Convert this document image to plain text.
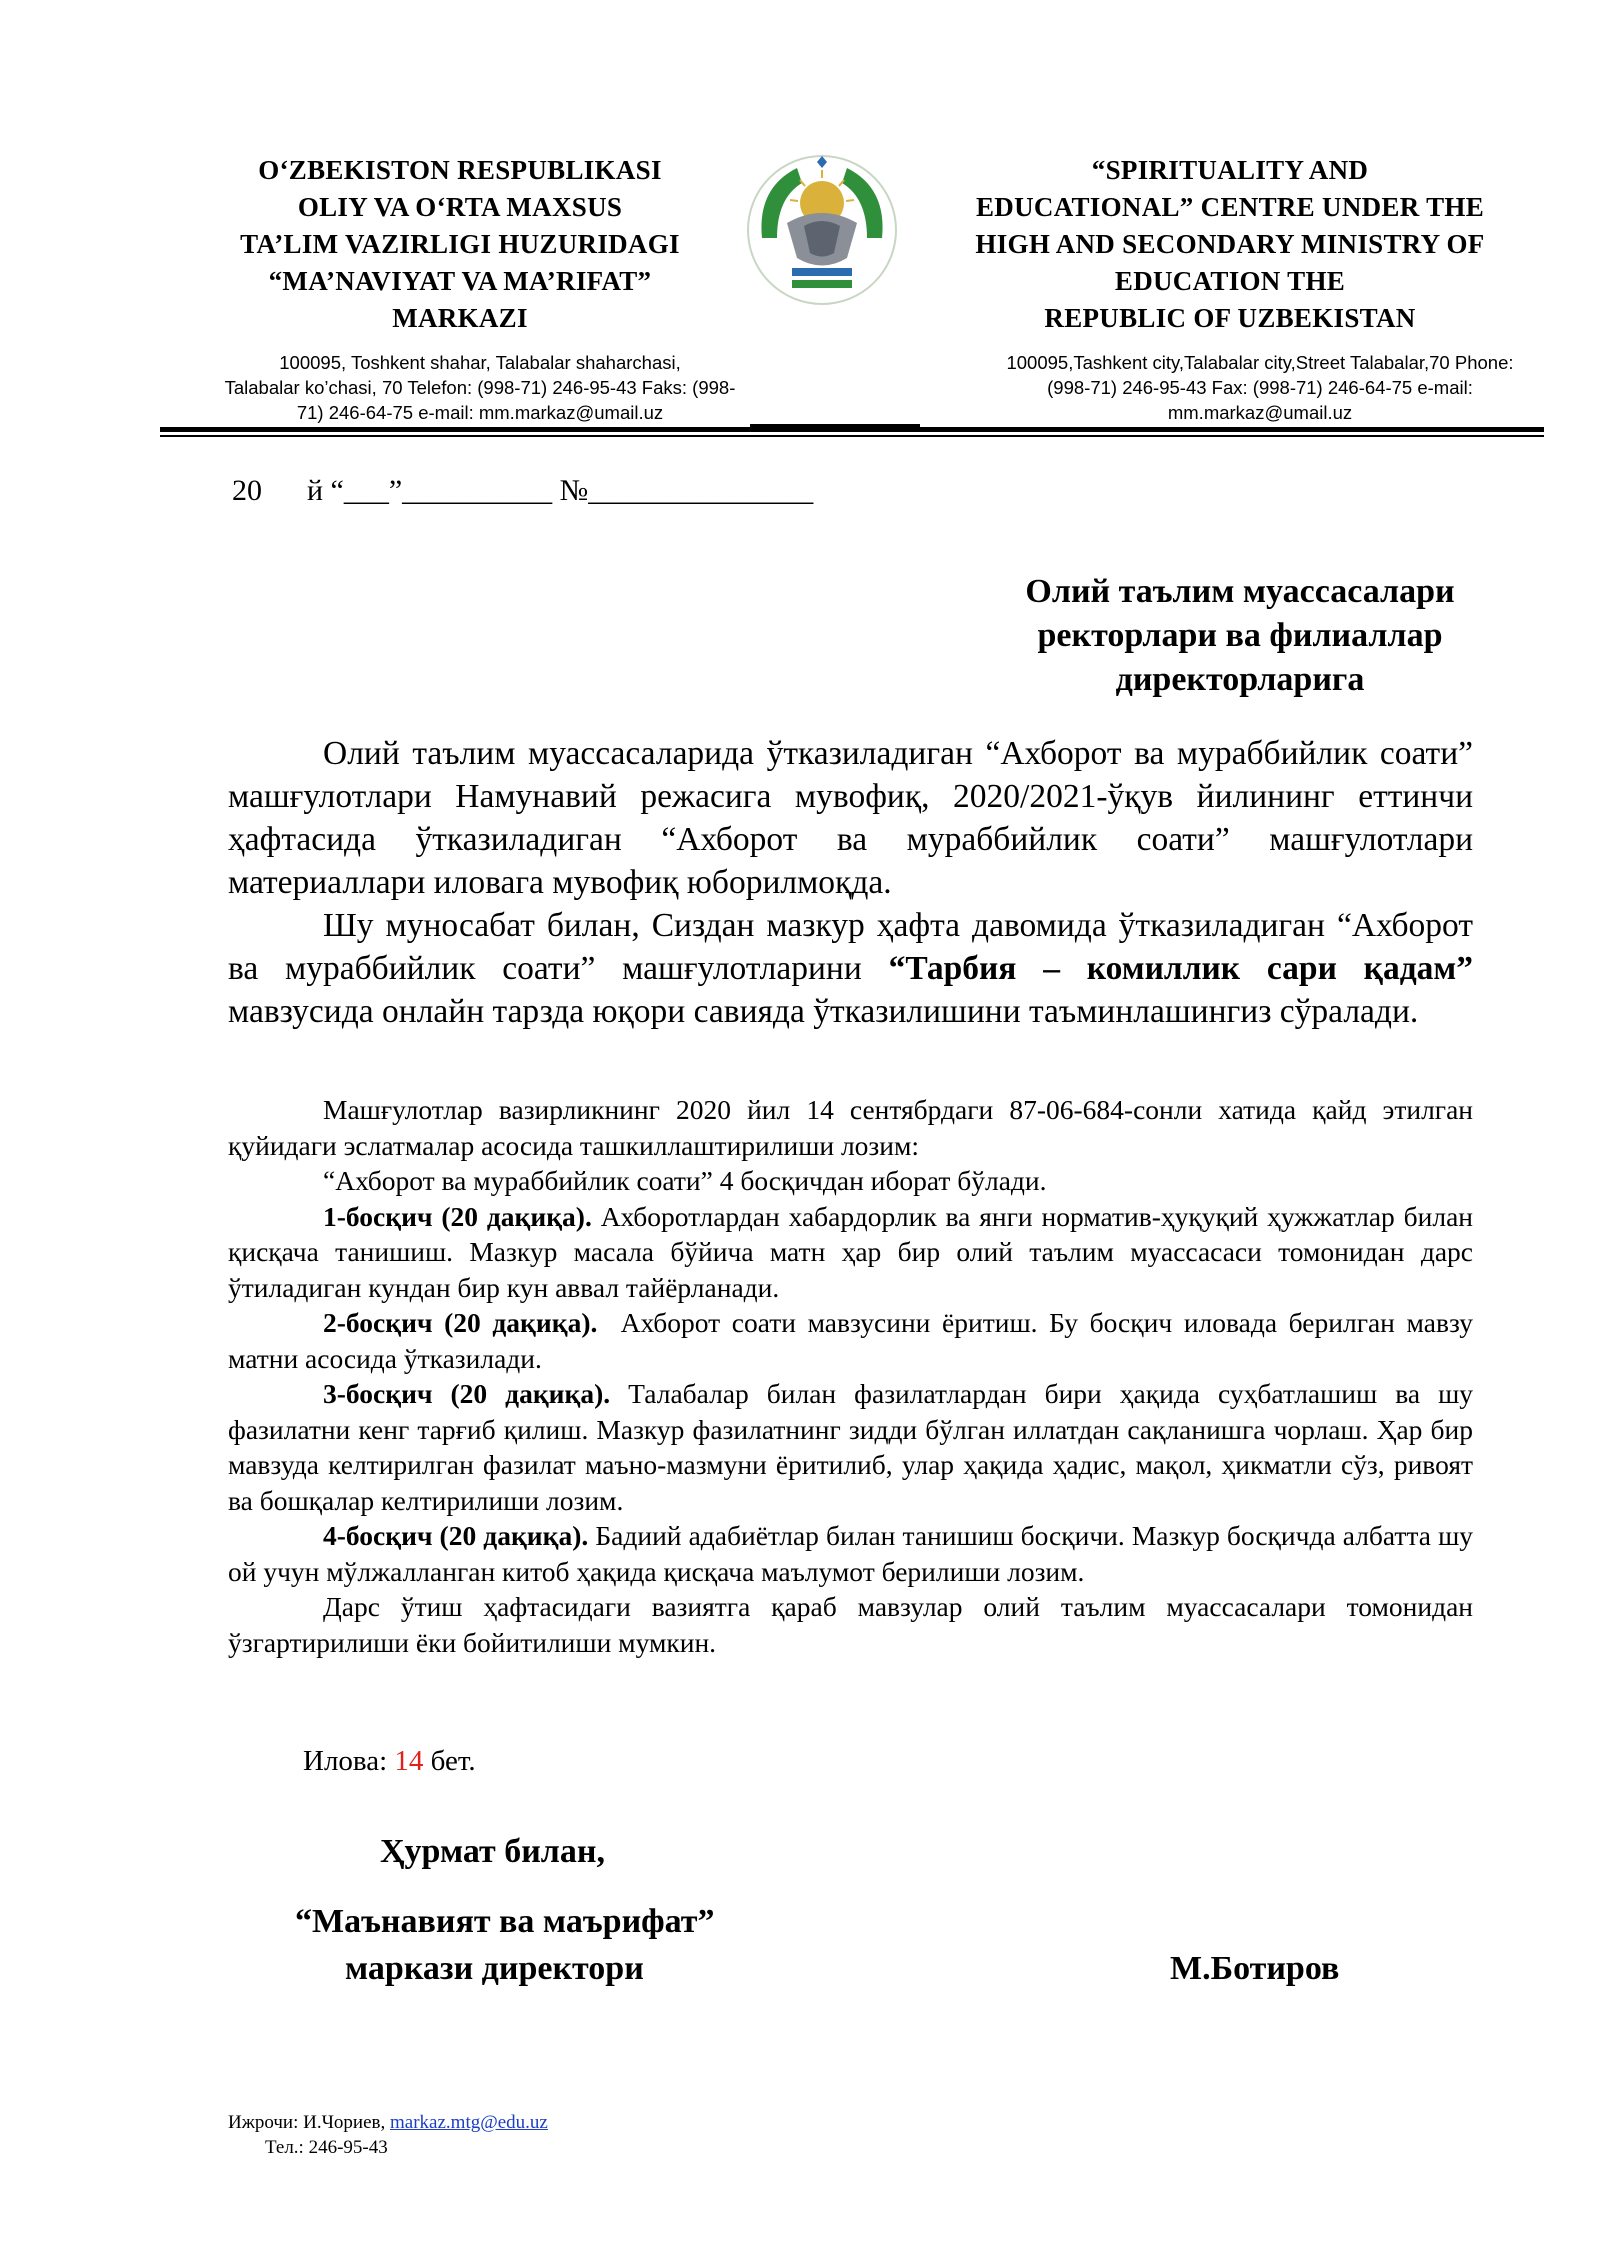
O‘ZBEKISTON RESPUBLIKASI
OLIY VA O‘RTA MAXSUS
TA’LIM VAZIRLIGI HUZURIDAGI
“MA’NAVIYAT VA MA’RIFAT”
MARKAZI
“SPIRITUALITY AND
EDUCATIONAL” CENTRE UNDER THE
HIGH AND SECONDARY MINISTRY OF
EDUCATION THE
REPUBLIC OF UZBEKISTAN
100095, Toshkent shahar, Talabalar shaharchasi,
Talabalar ko’chasi, 70 Telefon: (998-71) 246-95-43 Faks: (998-
71) 246-64-75 e-mail: mm.markaz@umail.uz
100095,Tashkent city,Talabalar city,Street Talabalar,70 Phone:
(998-71) 246-95-43 Fax: (998-71) 246-64-75 e-mail:
mm.markaz@umail.uz
20      й “___”__________ №_______________
Олий таълим муассасалари
ректорлари ва филиаллар
директорларига

Олий таълим муассасаларида ўтказиладиган “Ахборот ва мураббийлик соати” машғулотлари Намунавий режасига мувофиқ, 2020/2021-ўқув йилининг еттинчи ҳафтасида ўтказиладиган “Ахборот ва мураббийлик соати” машғулотлари материаллари иловага мувофиқ юборилмоқда.

Шу муносабат билан, Сиздан мазкур ҳафта давомида ўтказиладиган “Ахборот ва мураббийлик соати” машғулотларини “Тарбия – комиллик сари қадам” мавзусида онлайн тарзда юқори савияда ўтказилишини таъминлашингиз сўралади.

Машғулотлар вазирликнинг 2020 йил 14 сентябрдаги 87-06-684-сонли хатида қайд этилган қуйидаги эслатмалар асосида ташкиллаштирилиши лозим:

“Ахборот ва мураббийлик соати” 4 босқичдан иборат бўлади.

1-босқич (20 дақиқа). Ахборотлардан хабардорлик ва янги норматив-ҳуқуқий ҳужжатлар билан қисқача танишиш. Мазкур масала бўйича матн ҳар бир олий таълим муассасаси томонидан дарс ўтиладиган кундан бир кун аввал тайёрланади.

2-босқич (20 дақиқа).  Ахборот соати мавзусини ёритиш. Бу босқич иловада берилган мавзу матни асосида ўтказилади.

3-босқич (20 дақиқа). Талабалар билан фазилатлардан бири ҳақида суҳбатлашиш ва шу фазилатни кенг тарғиб қилиш. Мазкур фазилатнинг зидди бўлган иллатдан сақланишга чорлаш. Ҳар бир мавзуда келтирилган фазилат маъно-мазмуни ёритилиб, улар ҳақида ҳадис, мақол, ҳикматли сўз, ривоят ва бошқалар келтирилиши лозим.

4-босқич (20 дақиқа). Бадиий адабиётлар билан танишиш босқичи. Мазкур босқичда албатта шу ой учун мўлжалланган китоб ҳақида қисқача маълумот берилиши лозим.

Дарс ўтиш ҳафтасидаги вазиятга қараб мавзулар олий таълим муассасалари томонидан ўзгартирилиши ёки бойитилиши мумкин.

Илова: 14 бет.
Ҳурмат билан,
“Маънавият ва маърифат”
маркази директори	М.Ботиров
Ижрочи: И.Чориев, markaz.mtg@edu.uz
Тел.: 246-95-43
